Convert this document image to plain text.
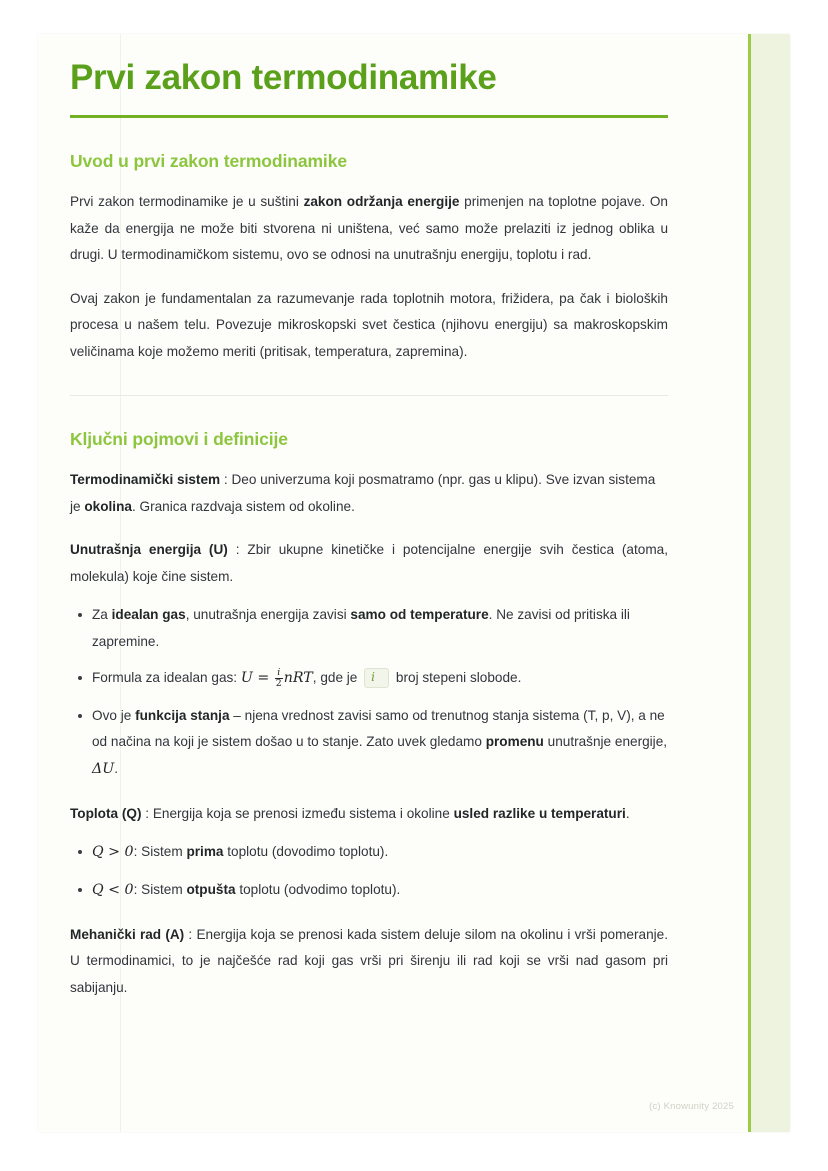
Prvi zakon termodinamike
Uvod u prvi zakon termodinamike

Prvi zakon termodinamike je u suštini zakon održanja energije primenjen na toplotne pojave. On kaže da energija ne može biti stvorena ni uništena, već samo može prelaziti iz jednog oblika u drugi. U termodinamičkom sistemu, ovo se odnosi na unutrašnju energiju, toplotu i rad.

Ovaj zakon je fundamentalan za razumevanje rada toplotnih motora, frižidera, pa čak i bioloških procesa u našem telu. Povezuje mikroskopski svet čestica (njihovu energiju) sa makroskopskim veličinama koje možemo meriti (pritisak, temperatura, zapremina).

Ključni pojmovi i definicije

Termodinamički sistem : Deo univerzuma koji posmatramo (npr. gas u klipu). Sve izvan sistema je okolina. Granica razdvaja sistem od okoline.

Unutrašnja energija (U) : Zbir ukupne kinetičke i potencijalne energije svih čestica (atoma, molekula) koje čine sistem.

Za idealan gas, unutrašnja energija zavisi samo od temperature. Ne zavisi od pritiska ili zapremine.
Formula za idealan gas: $U = \frac{i}{2}$ nRT, gde je i broj stepeni slobode.
Ovo je funkcija stanja – njena vrednost zavisi samo od trenutnog stanja sistema (T, p, V), a ne od načina na koji je sistem došao u to stanje. Zato uvek gledamo promenu unutrašnje energije, ΔU.

Toplota (Q) : Energija koja se prenosi između sistema i okoline usled razlike u temperaturi.

Q > 0: Sistem prima toplotu (dovodimo toplotu).
Q < 0: Sistem otpušta toplotu (odvodimo toplotu).

Mehanički rad (A) : Energija koja se prenosi kada sistem deluje silom na okolinu i vrši pomeranje. U termodinamici, to je najčešće rad koji gas vrši pri širenju ili rad koji se vrši nad gasom pri sabijanju.

(c) Knowunity 2025
